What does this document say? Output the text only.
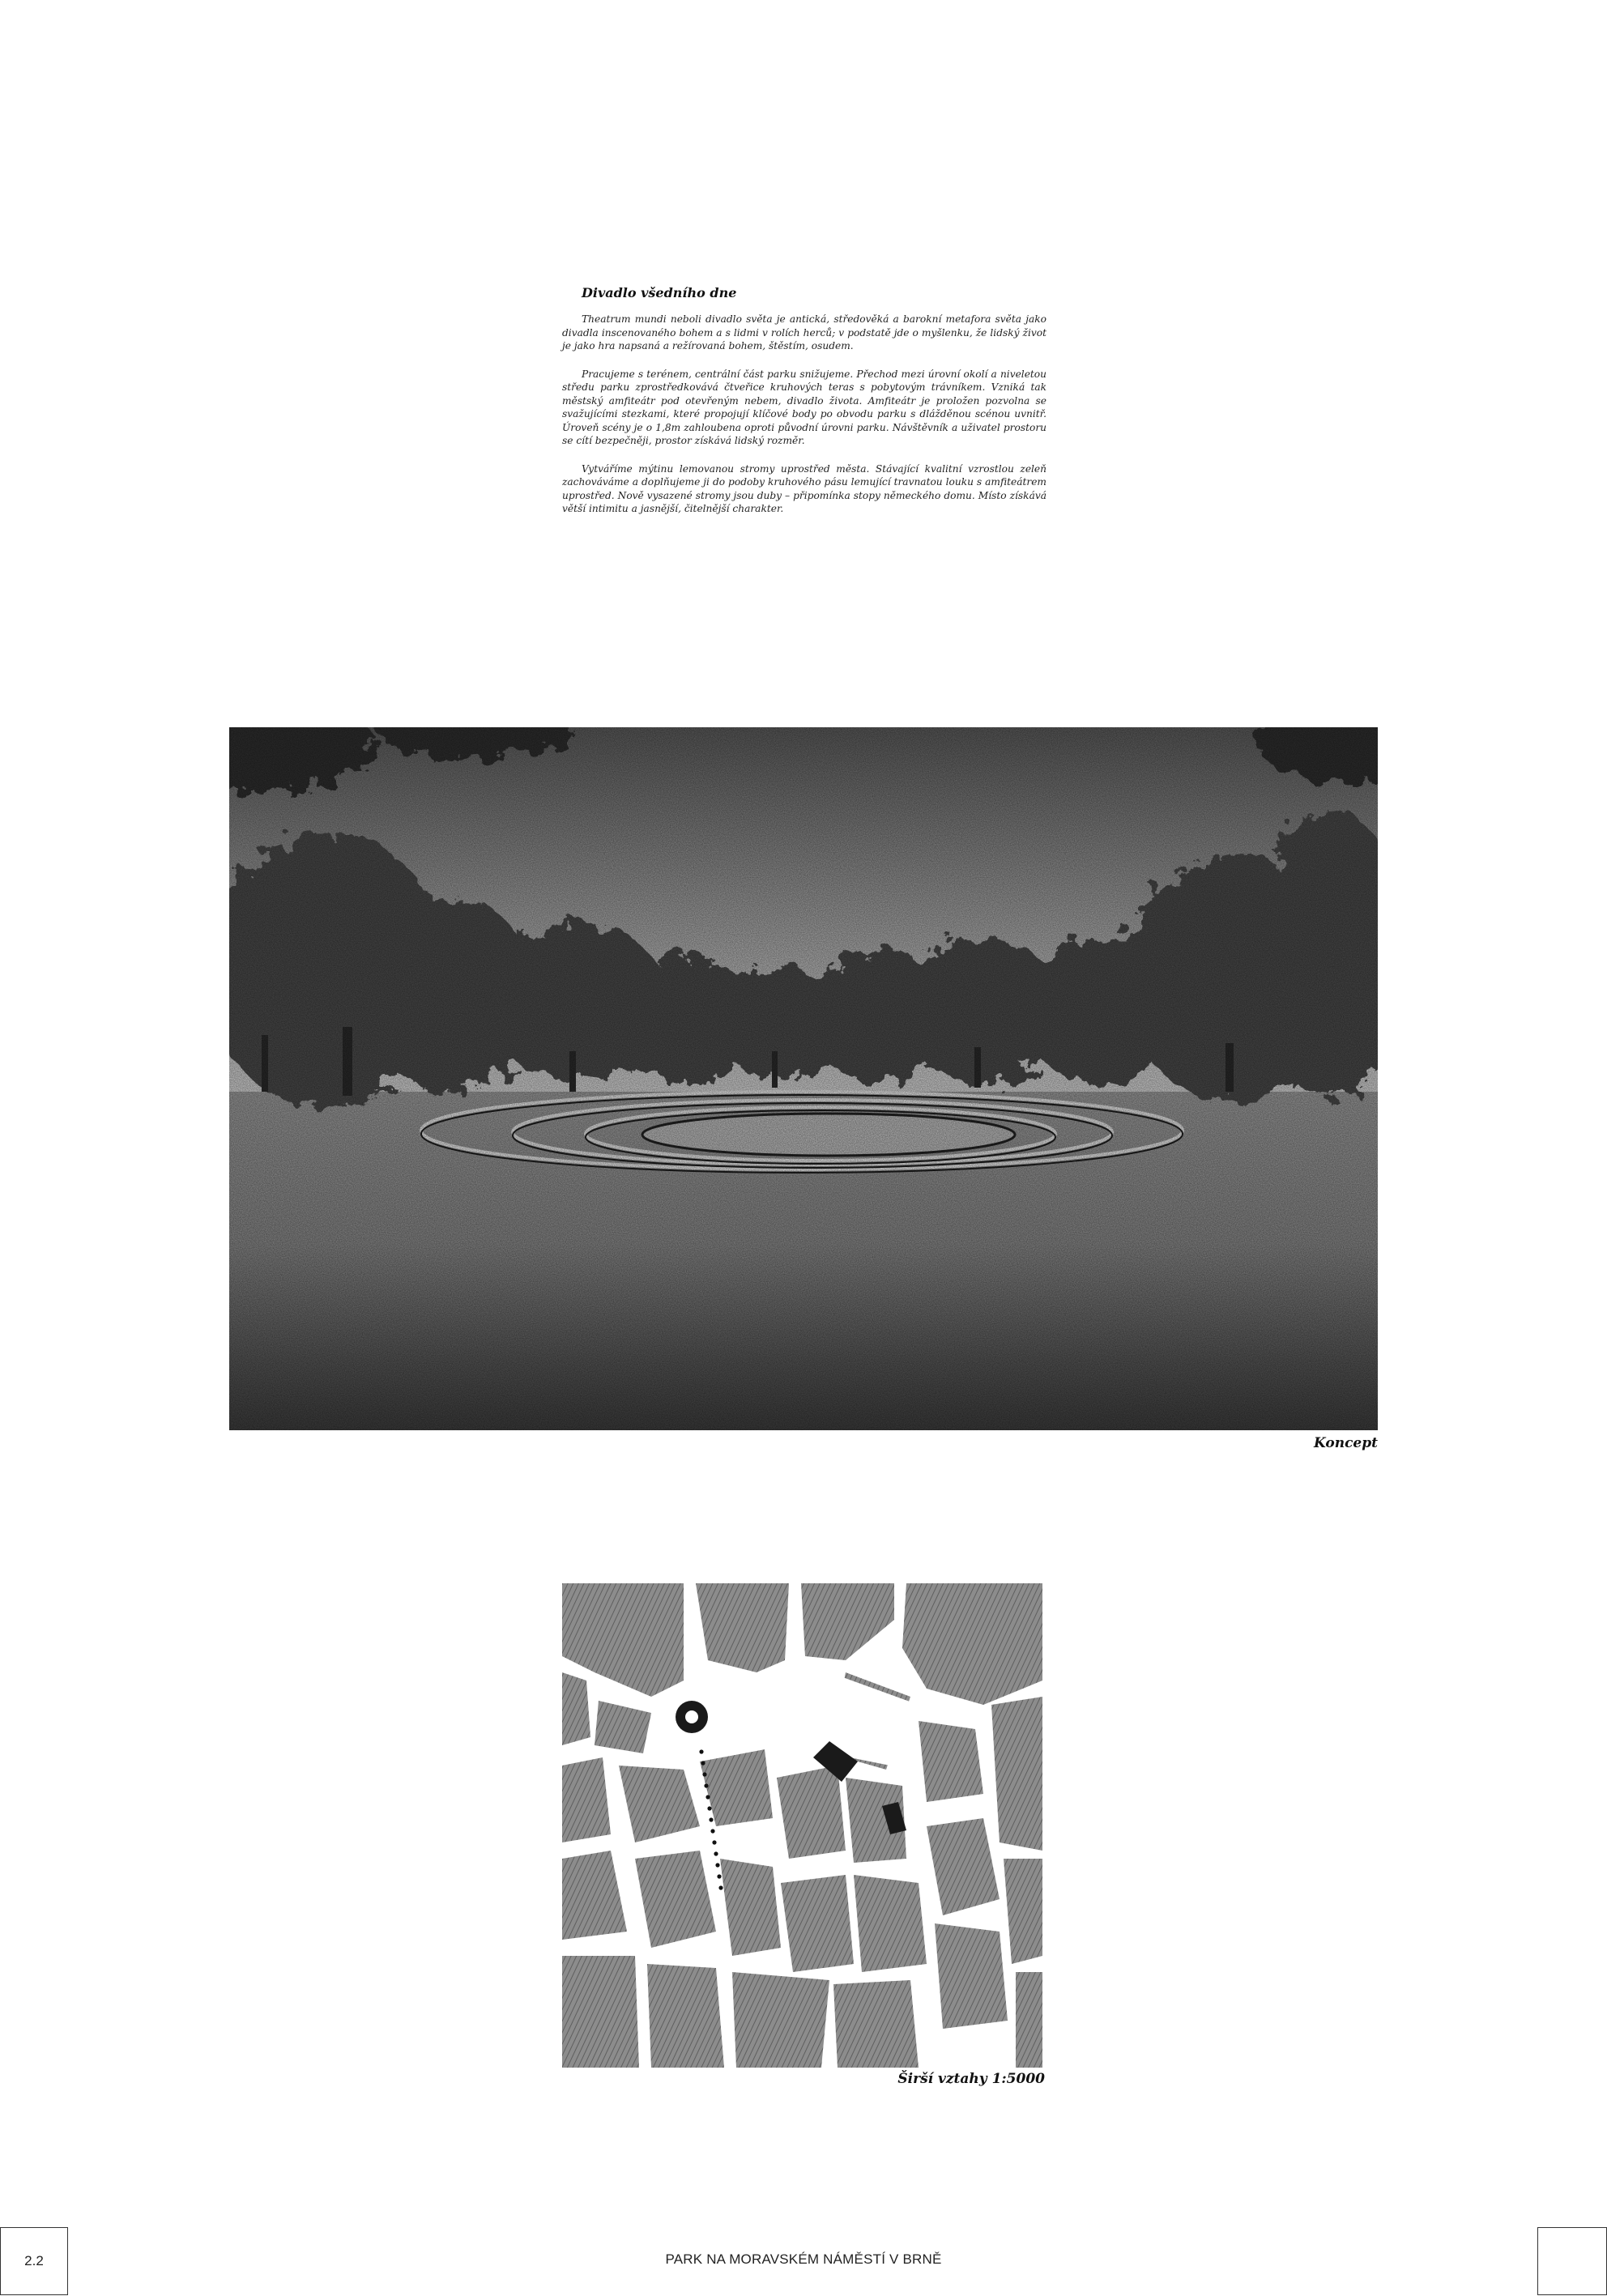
Divadlo všedního dne

Theatrum mundi neboli divadlo světa je antická, středověká a barokní metafora světa jako divadla inscenovaného bohem a s lidmi v rolích herců; v podstatě jde o myšlenku, že lidský život je jako hra napsaná a režírovaná bohem, štěstím, osudem.

Pracujeme s terénem, centrální část parku snižujeme. Přechod mezi úrovní okolí a niveletou středu parku zprostředkovává čtveřice kruhových teras s pobytovým trávníkem. Vzniká tak městský amfiteátr pod otevřeným nebem, divadlo života. Amfiteátr je proložen pozvolna se svažujícími stezkami, které propojují klíčové body po obvodu parku s dlážděnou scénou uvnitř. Úroveň scény je o 1,8m zahloubena oproti původní úrovni parku. Návštěvník a uživatel prostoru se cítí bezpečněji, prostor získává lidský rozměr.

Vytváříme mýtinu lemovanou stromy uprostřed města. Stávající kvalitní vzrostlou zeleň zachováváme a doplňujeme ji do podoby kruhového pásu lemující travnatou louku s amfiteátrem uprostřed. Nově vysazené stromy jsou duby – připomínka stopy německého domu. Místo získává větší intimitu a jasnější, čitelnější charakter.

Koncept
Širší vztahy 1:5000
2.2	PARK NA MORAVSKÉM NÁMĚSTÍ V BRNĚ
